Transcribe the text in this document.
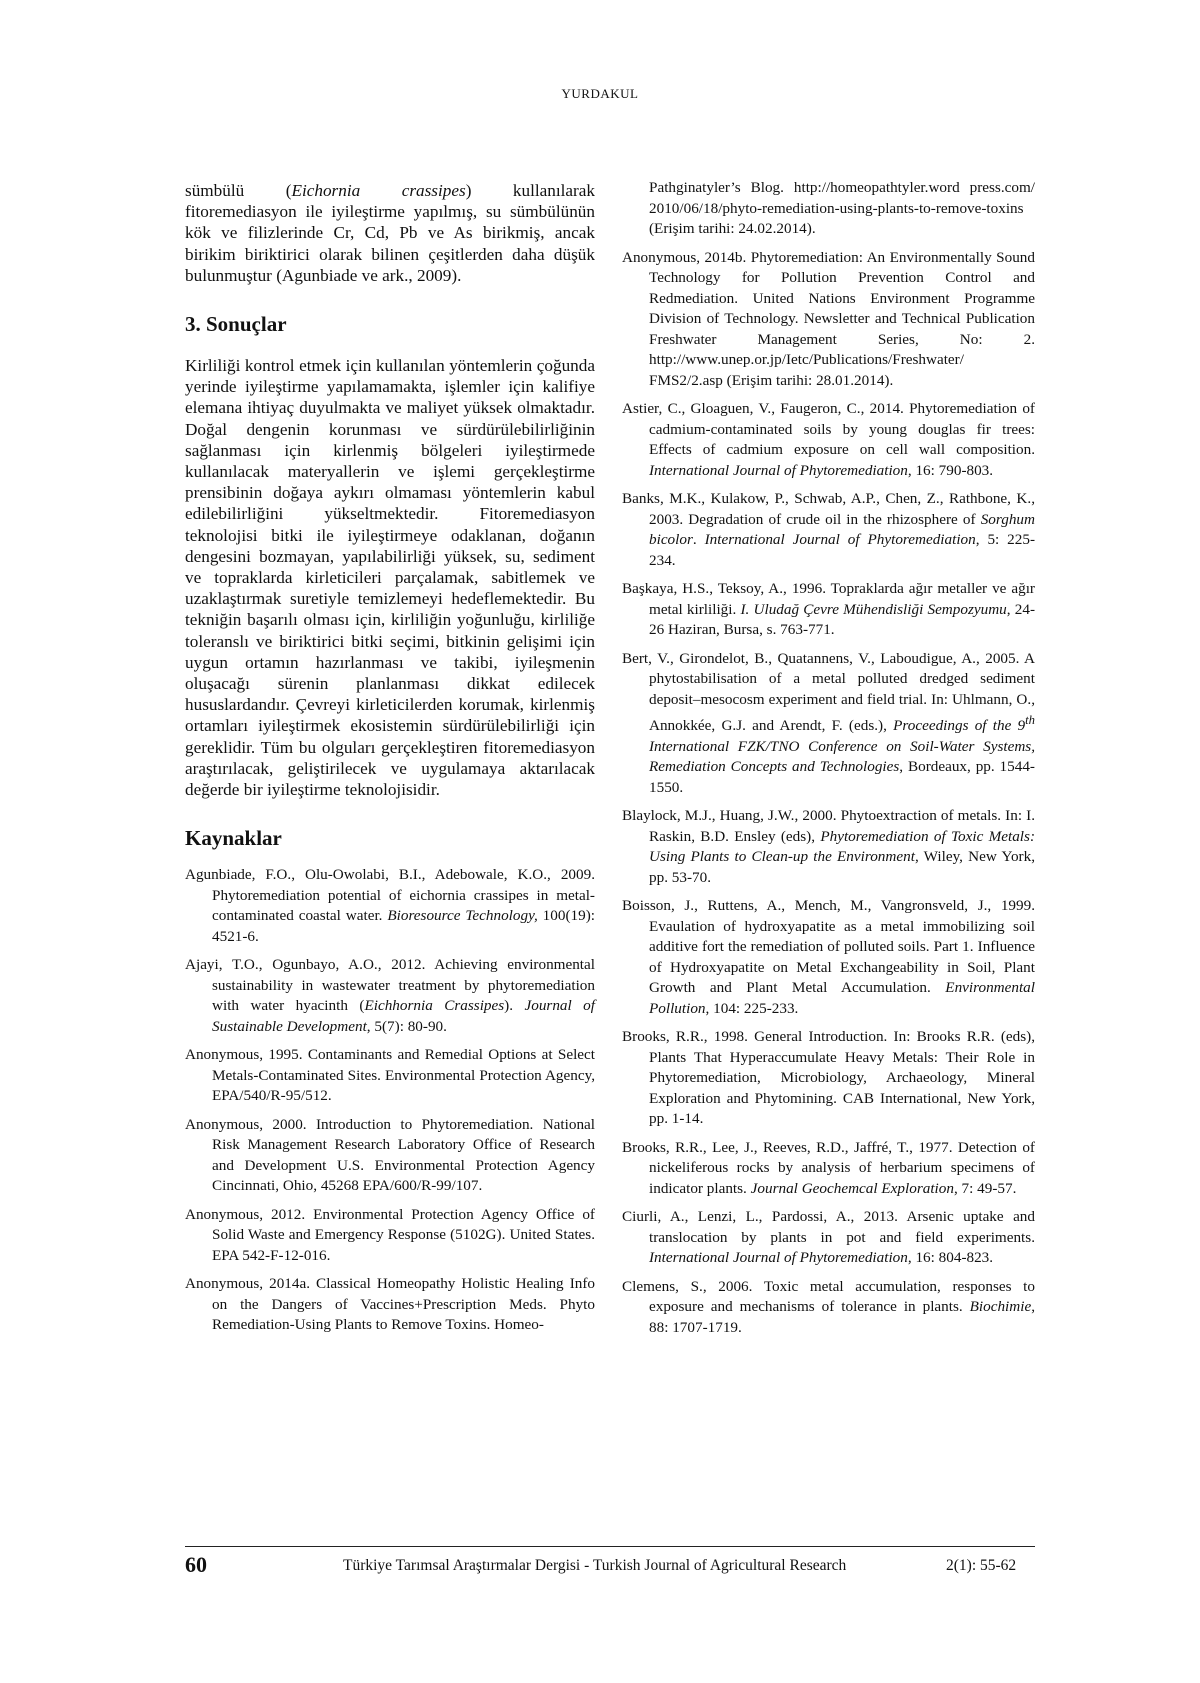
YURDAKUL

sümbülü (Eichornia crassipes) kullanılarak fitoremediasyon ile iyileştirme yapılmış, su sümbülünün kök ve filizlerinde Cr, Cd, Pb ve As birikmiş, ancak birikim biriktirici olarak bilinen çeşitlerden daha düşük bulunmuştur (Agunbiade ve ark., 2009).

3. Sonuçlar

Kirliliği kontrol etmek için kullanılan yöntemlerin çoğunda yerinde iyileştirme yapılamamakta, işlemler için kalifiye elemana ihtiyaç duyulmakta ve maliyet yüksek olmaktadır. Doğal dengenin korunması ve sürdürülebilirliğinin sağlanması için kirlenmiş bölgeleri iyileştirmede kullanılacak materyallerin ve işlemi gerçekleştirme prensibinin doğaya aykırı olmaması yöntemlerin kabul edilebilirliğini yükseltmektedir. Fitoremediasyon teknolojisi bitki ile iyileştirmeye odaklanan, doğanın dengesini bozmayan, yapılabilirliği yüksek, su, sediment ve topraklarda kirleticileri parçalamak, sabitlemek ve uzaklaştırmak suretiyle temizlemeyi hedeflemektedir. Bu tekniğin başarılı olması için, kirliliğin yoğunluğu, kirliliğe toleranslı ve biriktirici bitki seçimi, bitkinin gelişimi için uygun ortamın hazırlanması ve takibi, iyileşmenin oluşacağı sürenin planlanması dikkat edilecek hususlardandır. Çevreyi kirleticilerden korumak, kirlenmiş ortamları iyileştirmek ekosistemin sürdürülebilirliği için gereklidir. Tüm bu olguları gerçekleştiren fitoremediasyon araştırılacak, geliştirilecek ve uygulamaya aktarılacak değerde bir iyileştirme teknolojisidir.

Kaynaklar

Agunbiade, F.O., Olu-Owolabi, B.I., Adebowale, K.O., 2009. Phytoremediation potential of eichornia crassipes in metal-contaminated coastal water. Bioresource Technology, 100(19): 4521-6.

Ajayi, T.O., Ogunbayo, A.O., 2012. Achieving environmental sustainability in wastewater treatment by phytoremediation with water hyacinth (Eichhornia Crassipes). Journal of Sustainable Development, 5(7): 80-90.

Anonymous, 1995. Contaminants and Remedial Options at Select Metals-Contaminated Sites. Environmental Protection Agency, EPA/540/R-95/512.

Anonymous, 2000. Introduction to Phytoremediation. National Risk Management Research Laboratory Office of Research and Development U.S. Environmental Protection Agency Cincinnati, Ohio, 45268 EPA/600/R-99/107.

Anonymous, 2012. Environmental Protection Agency Office of Solid Waste and Emergency Response (5102G). United States. EPA 542-F-12-016.

Anonymous, 2014a. Classical Homeopathy Holistic Healing Info on the Dangers of Vaccines+Prescription Meds. Phyto Remediation-Using Plants to Remove Toxins. Homeo-

Pathginatyler’s Blog. http://homeopathtyler.word press.com/ 2010/06/18/phyto-remediation-using-plants-to-remove-toxins (Erişim tarihi: 24.02.2014).

Anonymous, 2014b. Phytoremediation: An Environmentally Sound Technology for Pollution Prevention Control and Redmediation. United Nations Environment Programme Division of Technology. Newsletter and Technical Publication Freshwater Management Series, No: 2. http://www.unep.or.jp/Ietc/Publications/Freshwater/ FMS2/2.asp (Erişim tarihi: 28.01.2014).

Astier, C., Gloaguen, V., Faugeron, C., 2014. Phytoremediation of cadmium-contaminated soils by young douglas fir trees: Effects of cadmium exposure on cell wall composition. International Journal of Phytoremediation, 16: 790-803.

Banks, M.K., Kulakow, P., Schwab, A.P., Chen, Z., Rathbone, K., 2003. Degradation of crude oil in the rhizosphere of Sorghum bicolor. International Journal of Phytoremediation, 5: 225-234.

Başkaya, H.S., Teksoy, A., 1996. Topraklarda ağır metaller ve ağır metal kirliliği. I. Uludağ Çevre Mühendisliği Sempozyumu, 24-26 Haziran, Bursa, s. 763-771.

Bert, V., Girondelot, B., Quatannens, V., Laboudigue, A., 2005. A phytostabilisation of a metal polluted dredged sediment deposit–mesocosm experiment and field trial. In: Uhlmann, O., Annokkée, G.J. and Arendt, F. (eds.), Proceedings of the 9th International FZK/TNO Conference on Soil-Water Systems, Remediation Concepts and Technologies, Bordeaux, pp. 1544-1550.

Blaylock, M.J., Huang, J.W., 2000. Phytoextraction of metals. In: I. Raskin, B.D. Ensley (eds), Phytoremediation of Toxic Metals: Using Plants to Clean-up the Environment, Wiley, New York, pp. 53-70.

Boisson, J., Ruttens, A., Mench, M., Vangronsveld, J., 1999. Evaulation of hydroxyapatite as a metal immobilizing soil additive fort the remediation of polluted soils. Part 1. Influence of Hydroxyapatite on Metal Exchangeability in Soil, Plant Growth and Plant Metal Accumulation. Environmental Pollution, 104: 225-233.

Brooks, R.R., 1998. General Introduction. In: Brooks R.R. (eds), Plants That Hyperaccumulate Heavy Metals: Their Role in Phytoremediation, Microbiology, Archaeology, Mineral Exploration and Phytomining. CAB International, New York, pp. 1-14.

Brooks, R.R., Lee, J., Reeves, R.D., Jaffré, T., 1977. Detection of nickeliferous rocks by analysis of herbarium specimens of indicator plants. Journal Geochemcal Exploration, 7: 49-57.

Ciurli, A., Lenzi, L., Pardossi, A., 2013. Arsenic uptake and translocation by plants in pot and field experiments. International Journal of Phytoremediation, 16: 804-823.

Clemens, S., 2006. Toxic metal accumulation, responses to exposure and mechanisms of tolerance in plants. Biochimie, 88: 1707-1719.

60	Türkiye Tarımsal Araştırmalar Dergisi - Turkish Journal of Agricultural Research	2(1): 55-62
